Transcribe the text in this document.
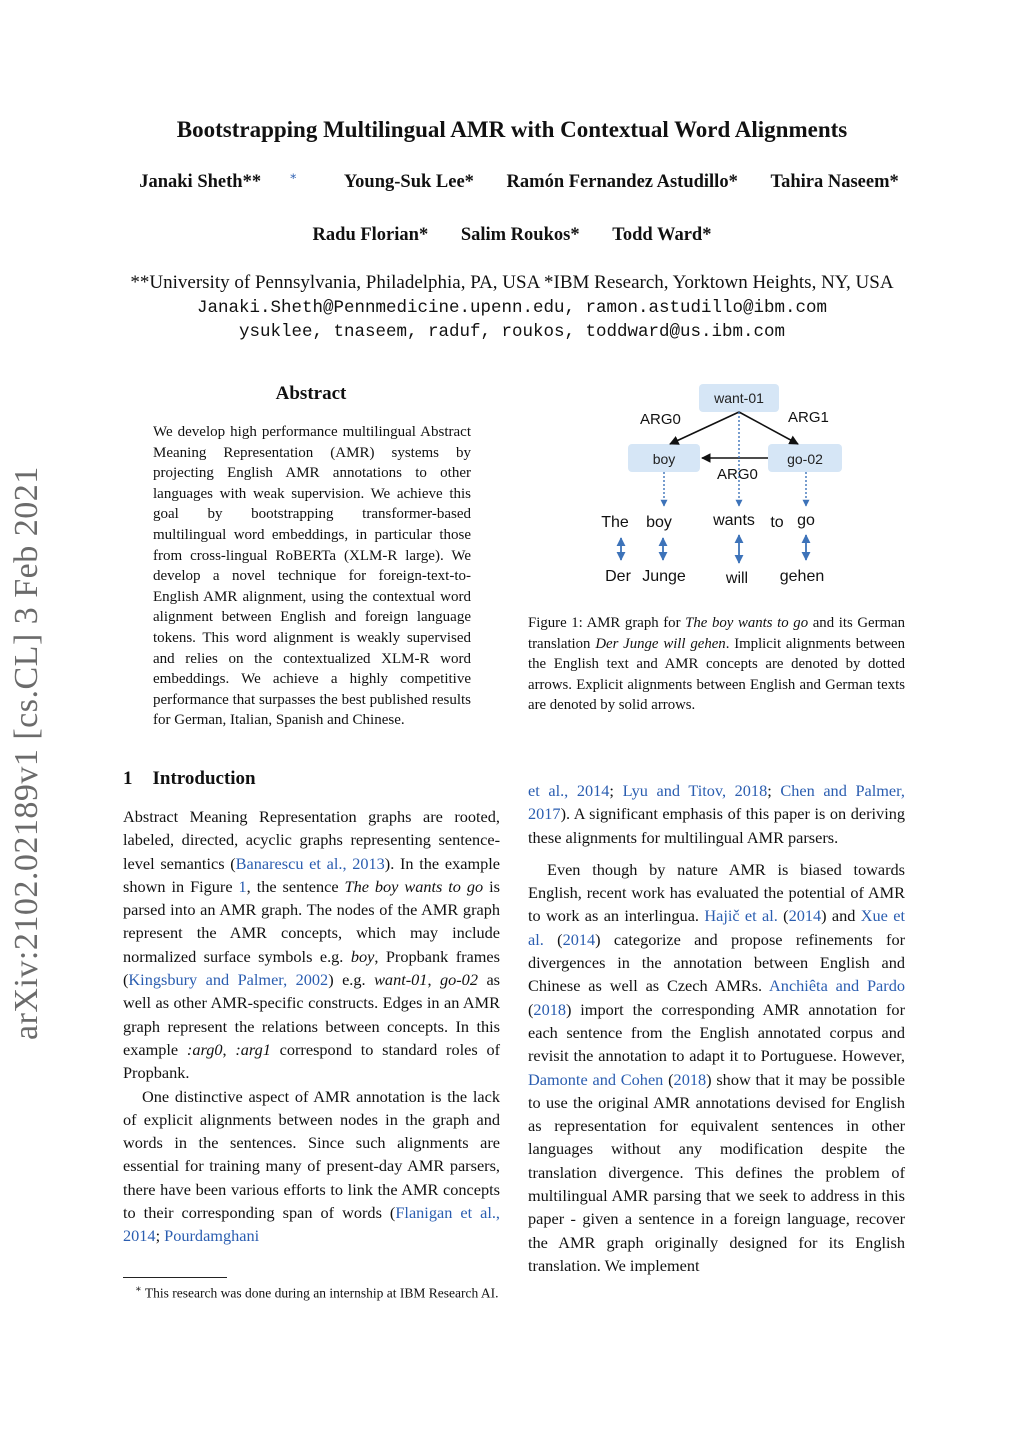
Bootstrapping Multilingual AMR with Contextual Word Alignments
Janaki Sheth** ∗	Young-Suk Lee* Ramón Fernandez Astudillo* Tahira Naseem*
Radu Florian* Salim Roukos* Todd Ward*
**University of Pennsylvania, Philadelphia, PA, USA *IBM Research, Yorktown Heights, NY, USA
Janaki.Sheth@Pennmedicine.upenn.edu, ramon.astudillo@ibm.com
ysuklee, tnaseem, raduf, roukos, toddward@us.ibm.com
arXiv:2102.02189v1 [cs.CL] 3 Feb 2021
Abstract
We develop high performance multilingual Abstract Meaning Representation (AMR) systems by projecting English AMR annotations to other languages with weak supervision. We achieve this goal by bootstrapping transformer-based multilingual word embeddings, in particular those from cross-lingual RoBERTa (XLM-R large). We develop a novel technique for foreign-text-to-English AMR alignment, using the contextual word alignment between English and foreign language tokens. This word alignment is weakly supervised and relies on the contextualized XLM-R word embeddings. We achieve a highly competitive performance that surpasses the best published results for German, Italian, Spanish and Chinese.
1 Introduction

Abstract Meaning Representation graphs are rooted, labeled, directed, acyclic graphs representing sentence-level semantics (Banarescu et al., 2013). In the example shown in Figure 1, the sentence The boy wants to go is parsed into an AMR graph. The nodes of the AMR graph represent the AMR concepts, which may include normalized surface symbols e.g. boy, Propbank frames (Kingsbury and Palmer, 2002) e.g. want-01, go-02 as well as other AMR-specific constructs. Edges in an AMR graph represent the relations between concepts. In this example :arg0, :arg1 correspond to standard roles of Propbank.

One distinctive aspect of AMR annotation is the lack of explicit alignments between nodes in the graph and words in the sentences. Since such alignments are essential for training many of present-day AMR parsers, there have been various efforts to link the AMR concepts to their corresponding span of words (Flanigan et al., 2014; Pourdamghani

∗ This research was done during an internship at IBM Research AI.
want-01
boy	go-02
ARG0	ARG1
ARG0
The boy	wants to go
Der Junge	will gehen
Figure 1: AMR graph for The boy wants to go and its German translation Der Junge will gehen. Implicit alignments between the English text and AMR concepts are denoted by dotted arrows. Explicit alignments between English and German texts are denoted by solid arrows.

et al., 2014; Lyu and Titov, 2018; Chen and Palmer, 2017). A significant emphasis of this paper is on deriving these alignments for multilingual AMR parsers.

Even though by nature AMR is biased towards English, recent work has evaluated the potential of AMR to work as an interlingua. Hajič et al. (2014) and Xue et al. (2014) categorize and propose refinements for divergences in the annotation between English and Chinese as well as Czech AMRs. Anchiêta and Pardo (2018) import the corresponding AMR annotation for each sentence from the English annotated corpus and revisit the annotation to adapt it to Portuguese. However, Damonte and Cohen (2018) show that it may be possible to use the original AMR annotations devised for English as representation for equivalent sentences in other languages without any modification despite the translation divergence. This defines the problem of multilingual AMR parsing that we seek to address in this paper - given a sentence in a foreign language, recover the AMR graph originally designed for its English translation. We implement
